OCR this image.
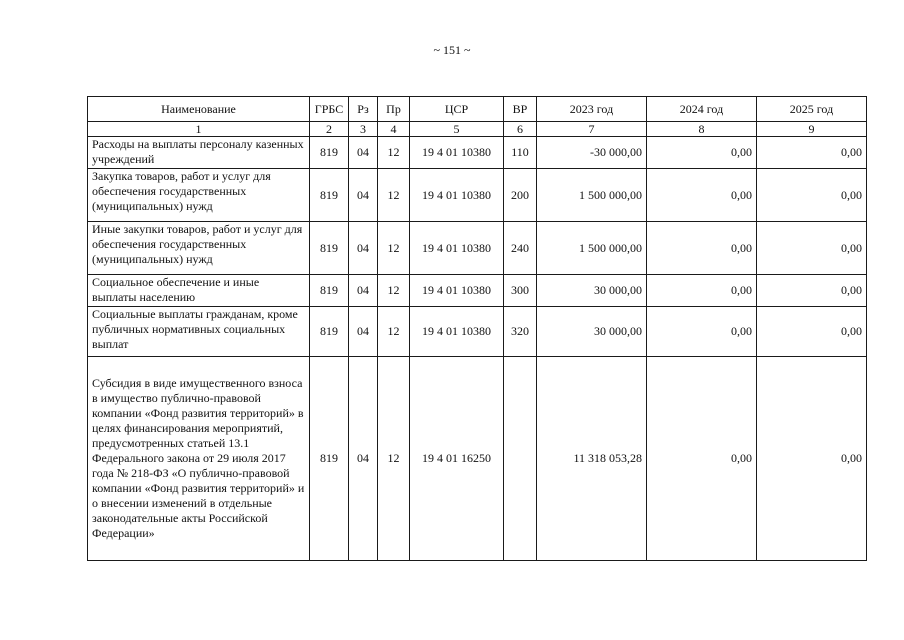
~ 151 ~
Наименование	ГРБС	Рз	Пр	ЦСР	ВР	2023 год	2024 год	2025 год
1	2	3	4	5	6	7	8	9
Расходы на выплаты персоналу казенных учреждений	819	04	12	19 4 01 10380	110	-30 000,00	0,00	0,00
Закупка товаров, работ и услуг для обеспечения государственных (муниципальных) нужд	819	04	12	19 4 01 10380	200	1 500 000,00	0,00	0,00
Иные закупки товаров, работ и услуг для обеспечения государственных (муниципальных) нужд	819	04	12	19 4 01 10380	240	1 500 000,00	0,00	0,00
Социальное обеспечение и иные выплаты населению	819	04	12	19 4 01 10380	300	30 000,00	0,00	0,00
Социальные выплаты гражданам, кроме публичных нормативных социальных выплат	819	04	12	19 4 01 10380	320	30 000,00	0,00	0,00
Субсидия в виде имущественного взноса в имущество публично-правовой компании «Фонд развития территорий» в целях финансирования мероприятий, предусмотренных статьей 13.1 Федерального закона от 29 июля 2017 года № 218-ФЗ «О публично-правовой компании «Фонд развития территорий» и о внесении изменений в отдельные законодательные акты Российской Федерации»	819	04	12	19 4 01 16250		11 318 053,28	0,00	0,00
